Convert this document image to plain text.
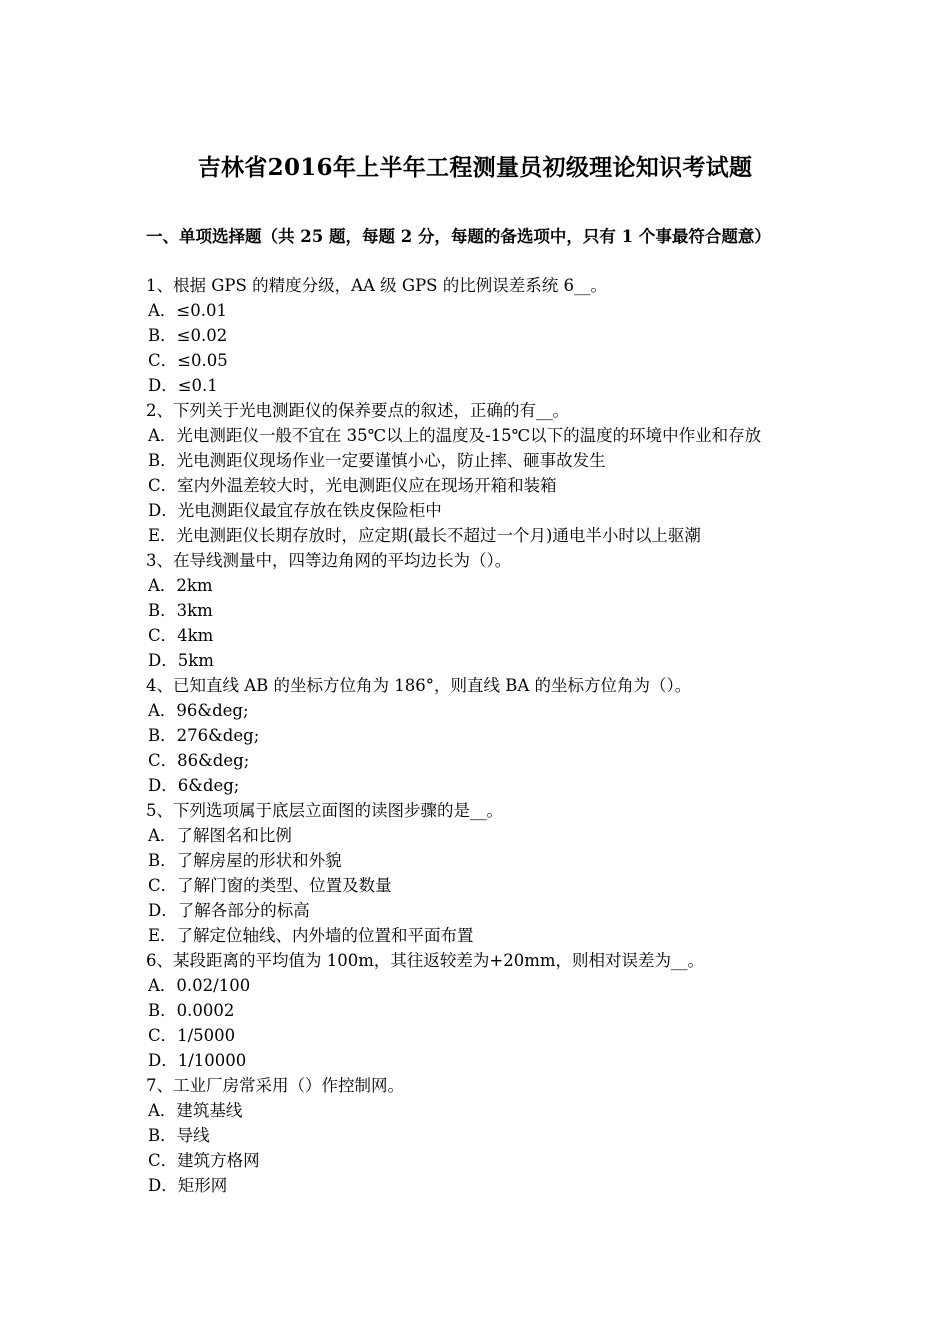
吉林省2016年上半年工程测量员初级理论知识考试题
一、单项选择题（共 25 题，每题 2 分，每题的备选项中，只有 1 个事最符合题意）

1、根据 GPS 的精度分级，AA 级 GPS 的比例误差系统 6__。

A．≤0.01

B．≤0.02

C．≤0.05

D．≤0.1

2、下列关于光电测距仪的保养要点的叙述，正确的有__。

A．光电测距仪一般不宜在 35℃以上的温度及-15℃以下的温度的环境中作业和存放

B．光电测距仪现场作业一定要谨慎小心，防止摔、砸事故发生

C．室内外温差较大时，光电测距仪应在现场开箱和装箱

D．光电测距仪最宜存放在铁皮保险柜中

E．光电测距仪长期存放时，应定期(最长不超过一个月)通电半小时以上驱潮

3、在导线测量中，四等边角网的平均边长为（）。

A．2km

B．3km

C．4km

D．5km

4、已知直线 AB 的坐标方位角为 186°，则直线 BA 的坐标方位角为（）。

A．96&deg;

B．276&deg;

C．86&deg;

D．6&deg;

5、下列选项属于底层立面图的读图步骤的是__。

A．了解图名和比例

B．了解房屋的形状和外貌

C．了解门窗的类型、位置及数量

D．了解各部分的标高

E．了解定位轴线、内外墙的位置和平面布置

6、某段距离的平均值为 100m，其往返较差为+20mm，则相对误差为__。

A．0.02/100

B．0.0002

C．1/5000

D．1/10000

7、工业厂房常采用（）作控制网。

A．建筑基线

B．导线

C．建筑方格网

D．矩形网
